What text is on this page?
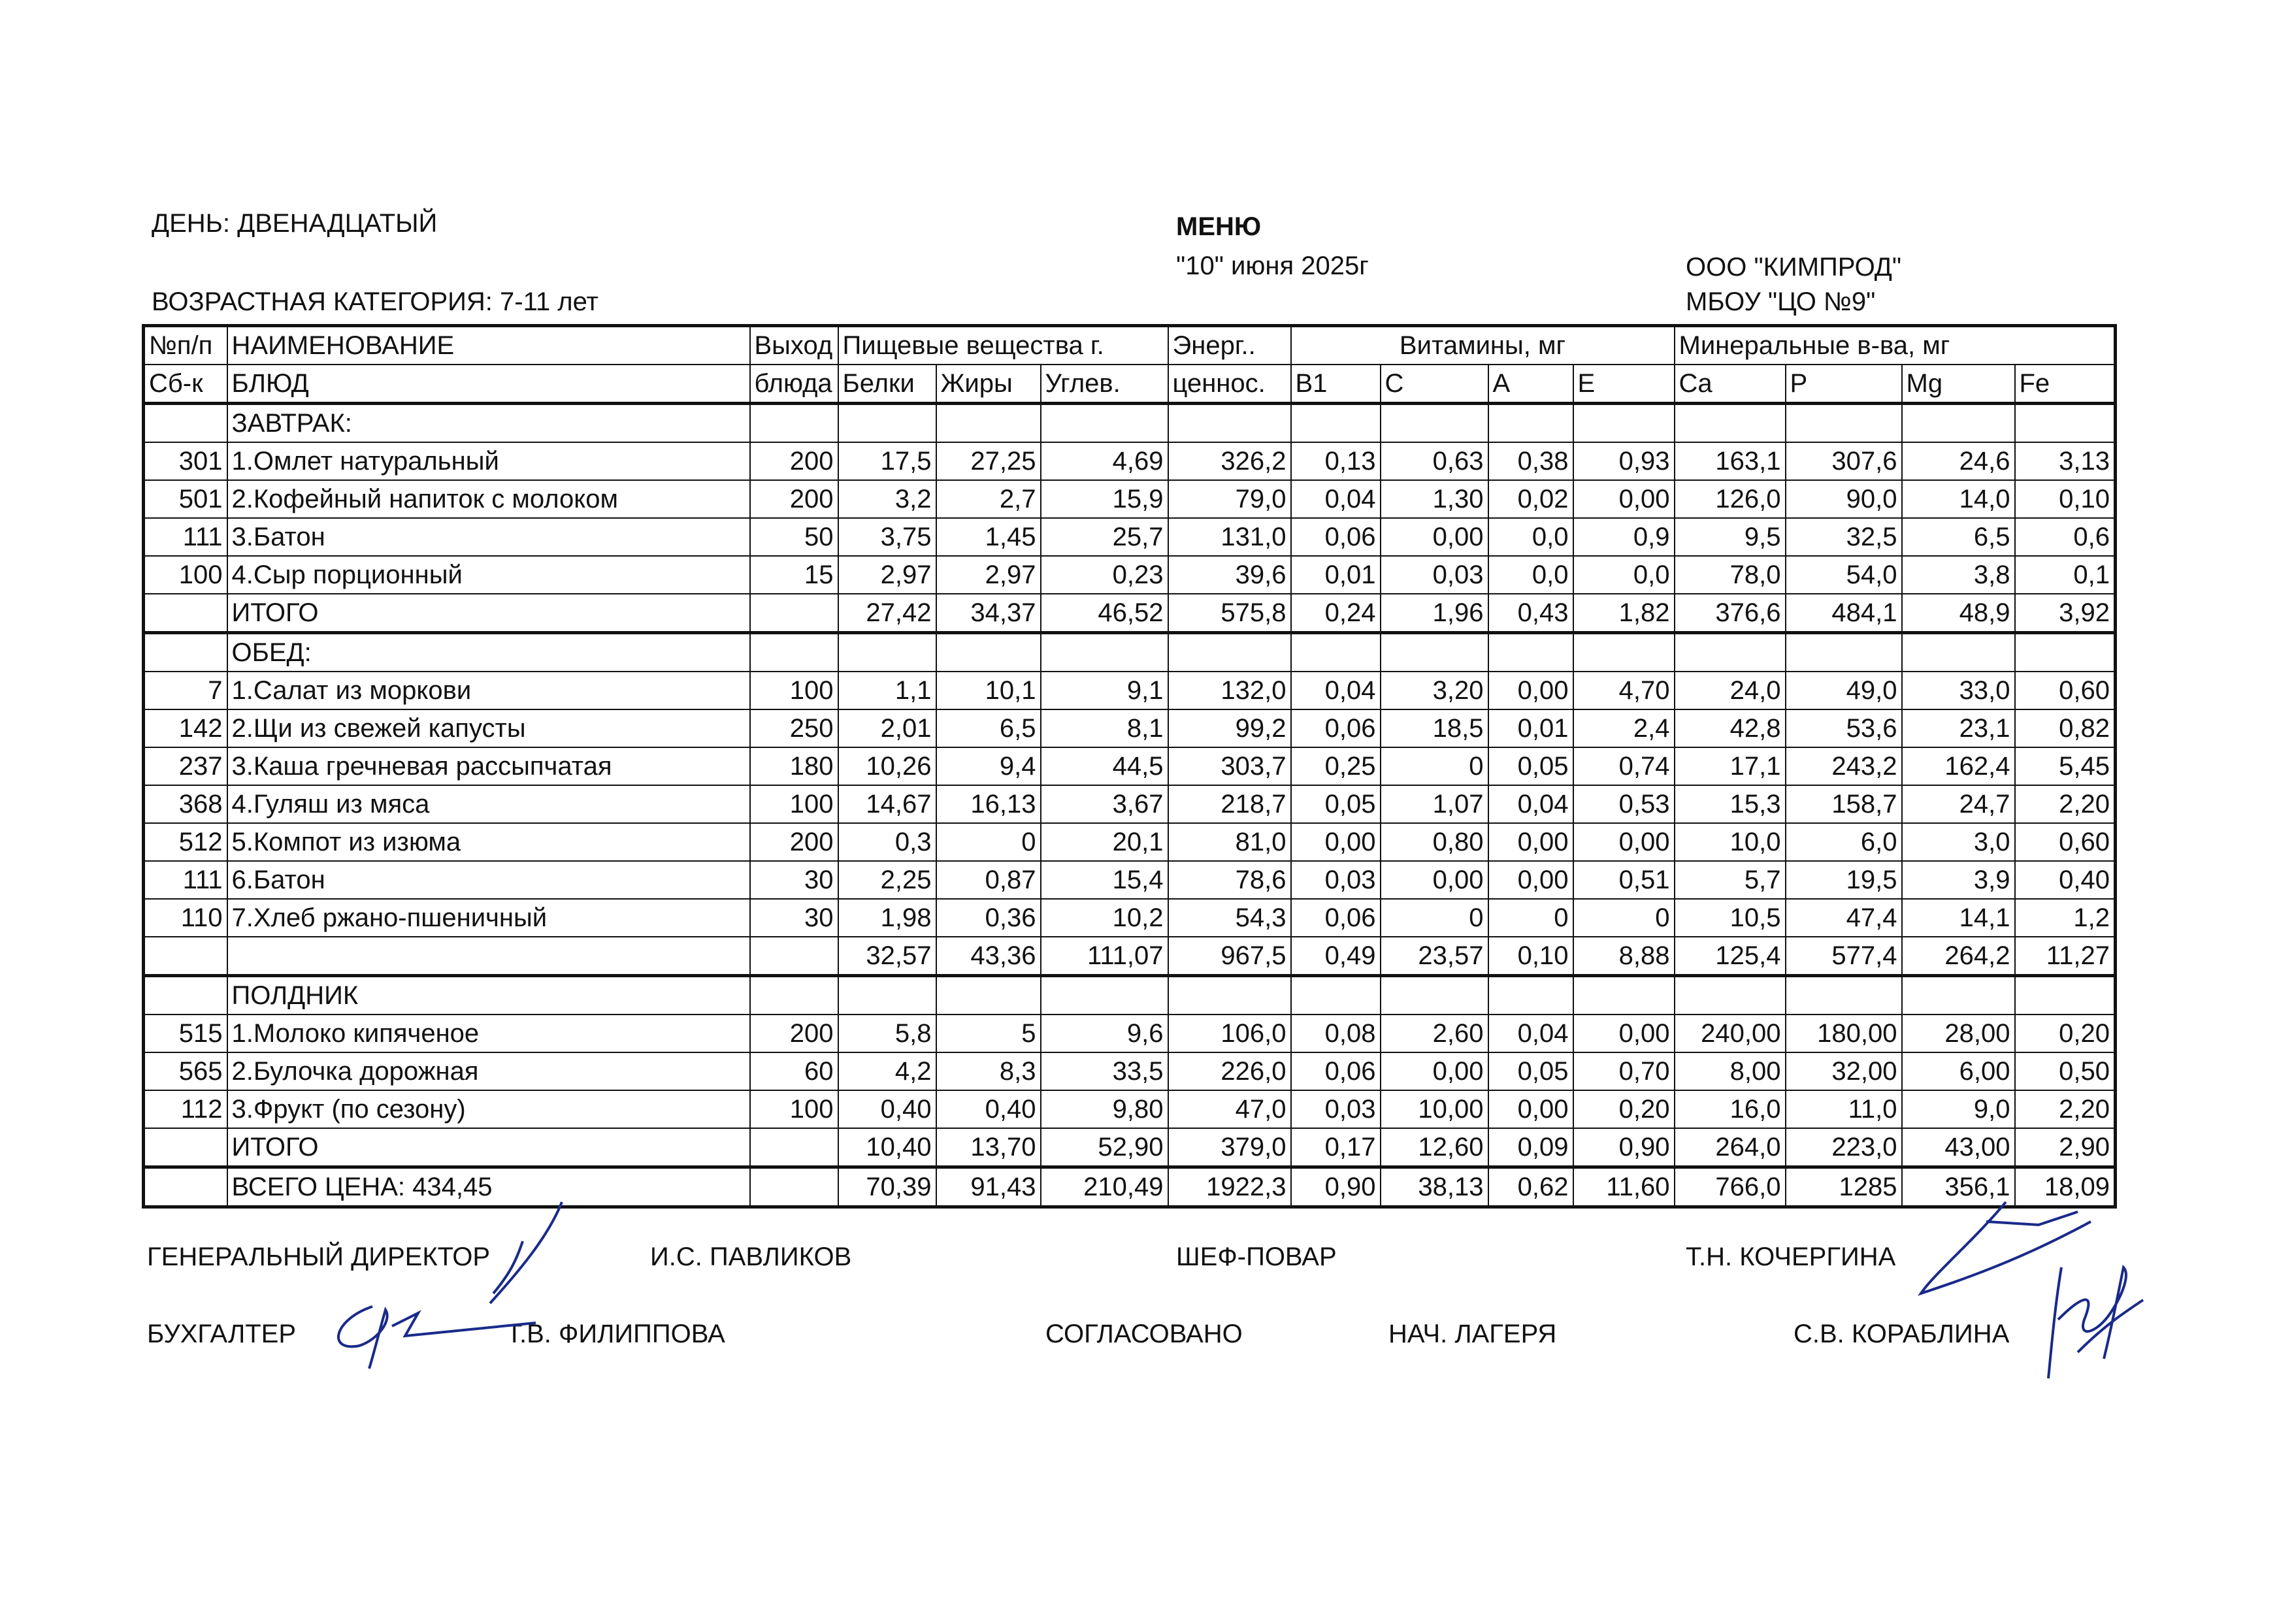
ДЕНЬ: ДВЕНАДЦАТЫЙ
ВОЗРАСТНАЯ КАТЕГОРИЯ: 7-11 лет
МЕНЮ
"10" июня 2025г	ООО "КИМПРОД"
МБОУ "ЦО №9"
№п/п	НАИМЕНОВАНИЕ	Выход	Пищевые вещества г.			Энерг..	Витамины, мг				Минеральные в-ва, мг			
Сб-к	БЛЮД	блюда	Белки	Жиры	Углев.	ценнос.	В1	С	А	Е	Ca	P	Mg	Fe
	ЗАВТРАК:													
301	1.Омлет натуральный	200	17,5	27,25	4,69	326,2	0,13	0,63	0,38	0,93	163,1	307,6	24,6	3,13
501	2.Кофейный напиток с молоком	200	3,2	2,7	15,9	79,0	0,04	1,30	0,02	0,00	126,0	90,0	14,0	0,10
111	3.Батон	50	3,75	1,45	25,7	131,0	0,06	0,00	0,0	0,9	9,5	32,5	6,5	0,6
100	4.Сыр порционный	15	2,97	2,97	0,23	39,6	0,01	0,03	0,0	0,0	78,0	54,0	3,8	0,1
	ИТОГО		27,42	34,37	46,52	575,8	0,24	1,96	0,43	1,82	376,6	484,1	48,9	3,92
	ОБЕД:													
7	1.Салат из моркови	100	1,1	10,1	9,1	132,0	0,04	3,20	0,00	4,70	24,0	49,0	33,0	0,60
142	2.Щи из свежей капусты	250	2,01	6,5	8,1	99,2	0,06	18,5	0,01	2,4	42,8	53,6	23,1	0,82
237	3.Каша гречневая рассыпчатая	180	10,26	9,4	44,5	303,7	0,25	0	0,05	0,74	17,1	243,2	162,4	5,45
368	4.Гуляш из мяса	100	14,67	16,13	3,67	218,7	0,05	1,07	0,04	0,53	15,3	158,7	24,7	2,20
512	5.Компот из изюма	200	0,3	0	20,1	81,0	0,00	0,80	0,00	0,00	10,0	6,0	3,0	0,60
111	6.Батон	30	2,25	0,87	15,4	78,6	0,03	0,00	0,00	0,51	5,7	19,5	3,9	0,40
110	7.Хлеб ржано-пшеничный	30	1,98	0,36	10,2	54,3	0,06	0	0	0	10,5	47,4	14,1	1,2
			32,57	43,36	111,07	967,5	0,49	23,57	0,10	8,88	125,4	577,4	264,2	11,27
	ПОЛДНИК													
515	1.Молоко кипяченое	200	5,8	5	9,6	106,0	0,08	2,60	0,04	0,00	240,00	180,00	28,00	0,20
565	2.Булочка дорожная	60	4,2	8,3	33,5	226,0	0,06	0,00	0,05	0,70	8,00	32,00	6,00	0,50
112	3.Фрукт (по сезону)	100	0,40	0,40	9,80	47,0	0,03	10,00	0,00	0,20	16,0	11,0	9,0	2,20
	ИТОГО		10,40	13,70	52,90	379,0	0,17	12,60	0,09	0,90	264,0	223,0	43,00	2,90
	ВСЕГО ЦЕНА: 434,45		70,39	91,43	210,49	1922,3	0,90	38,13	0,62	11,60	766,0	1285	356,1	18,09
ГЕНЕРАЛЬНЫЙ ДИРЕКТОР	И.С. ПАВЛИКОВ	ШЕФ-ПОВАР	Т.Н. КОЧЕРГИНА
БУХГАЛТЕР	Т.В. ФИЛИППОВА	СОГЛАСОВАНО	НАЧ. ЛАГЕРЯ	С.В. КОРАБЛИНА
